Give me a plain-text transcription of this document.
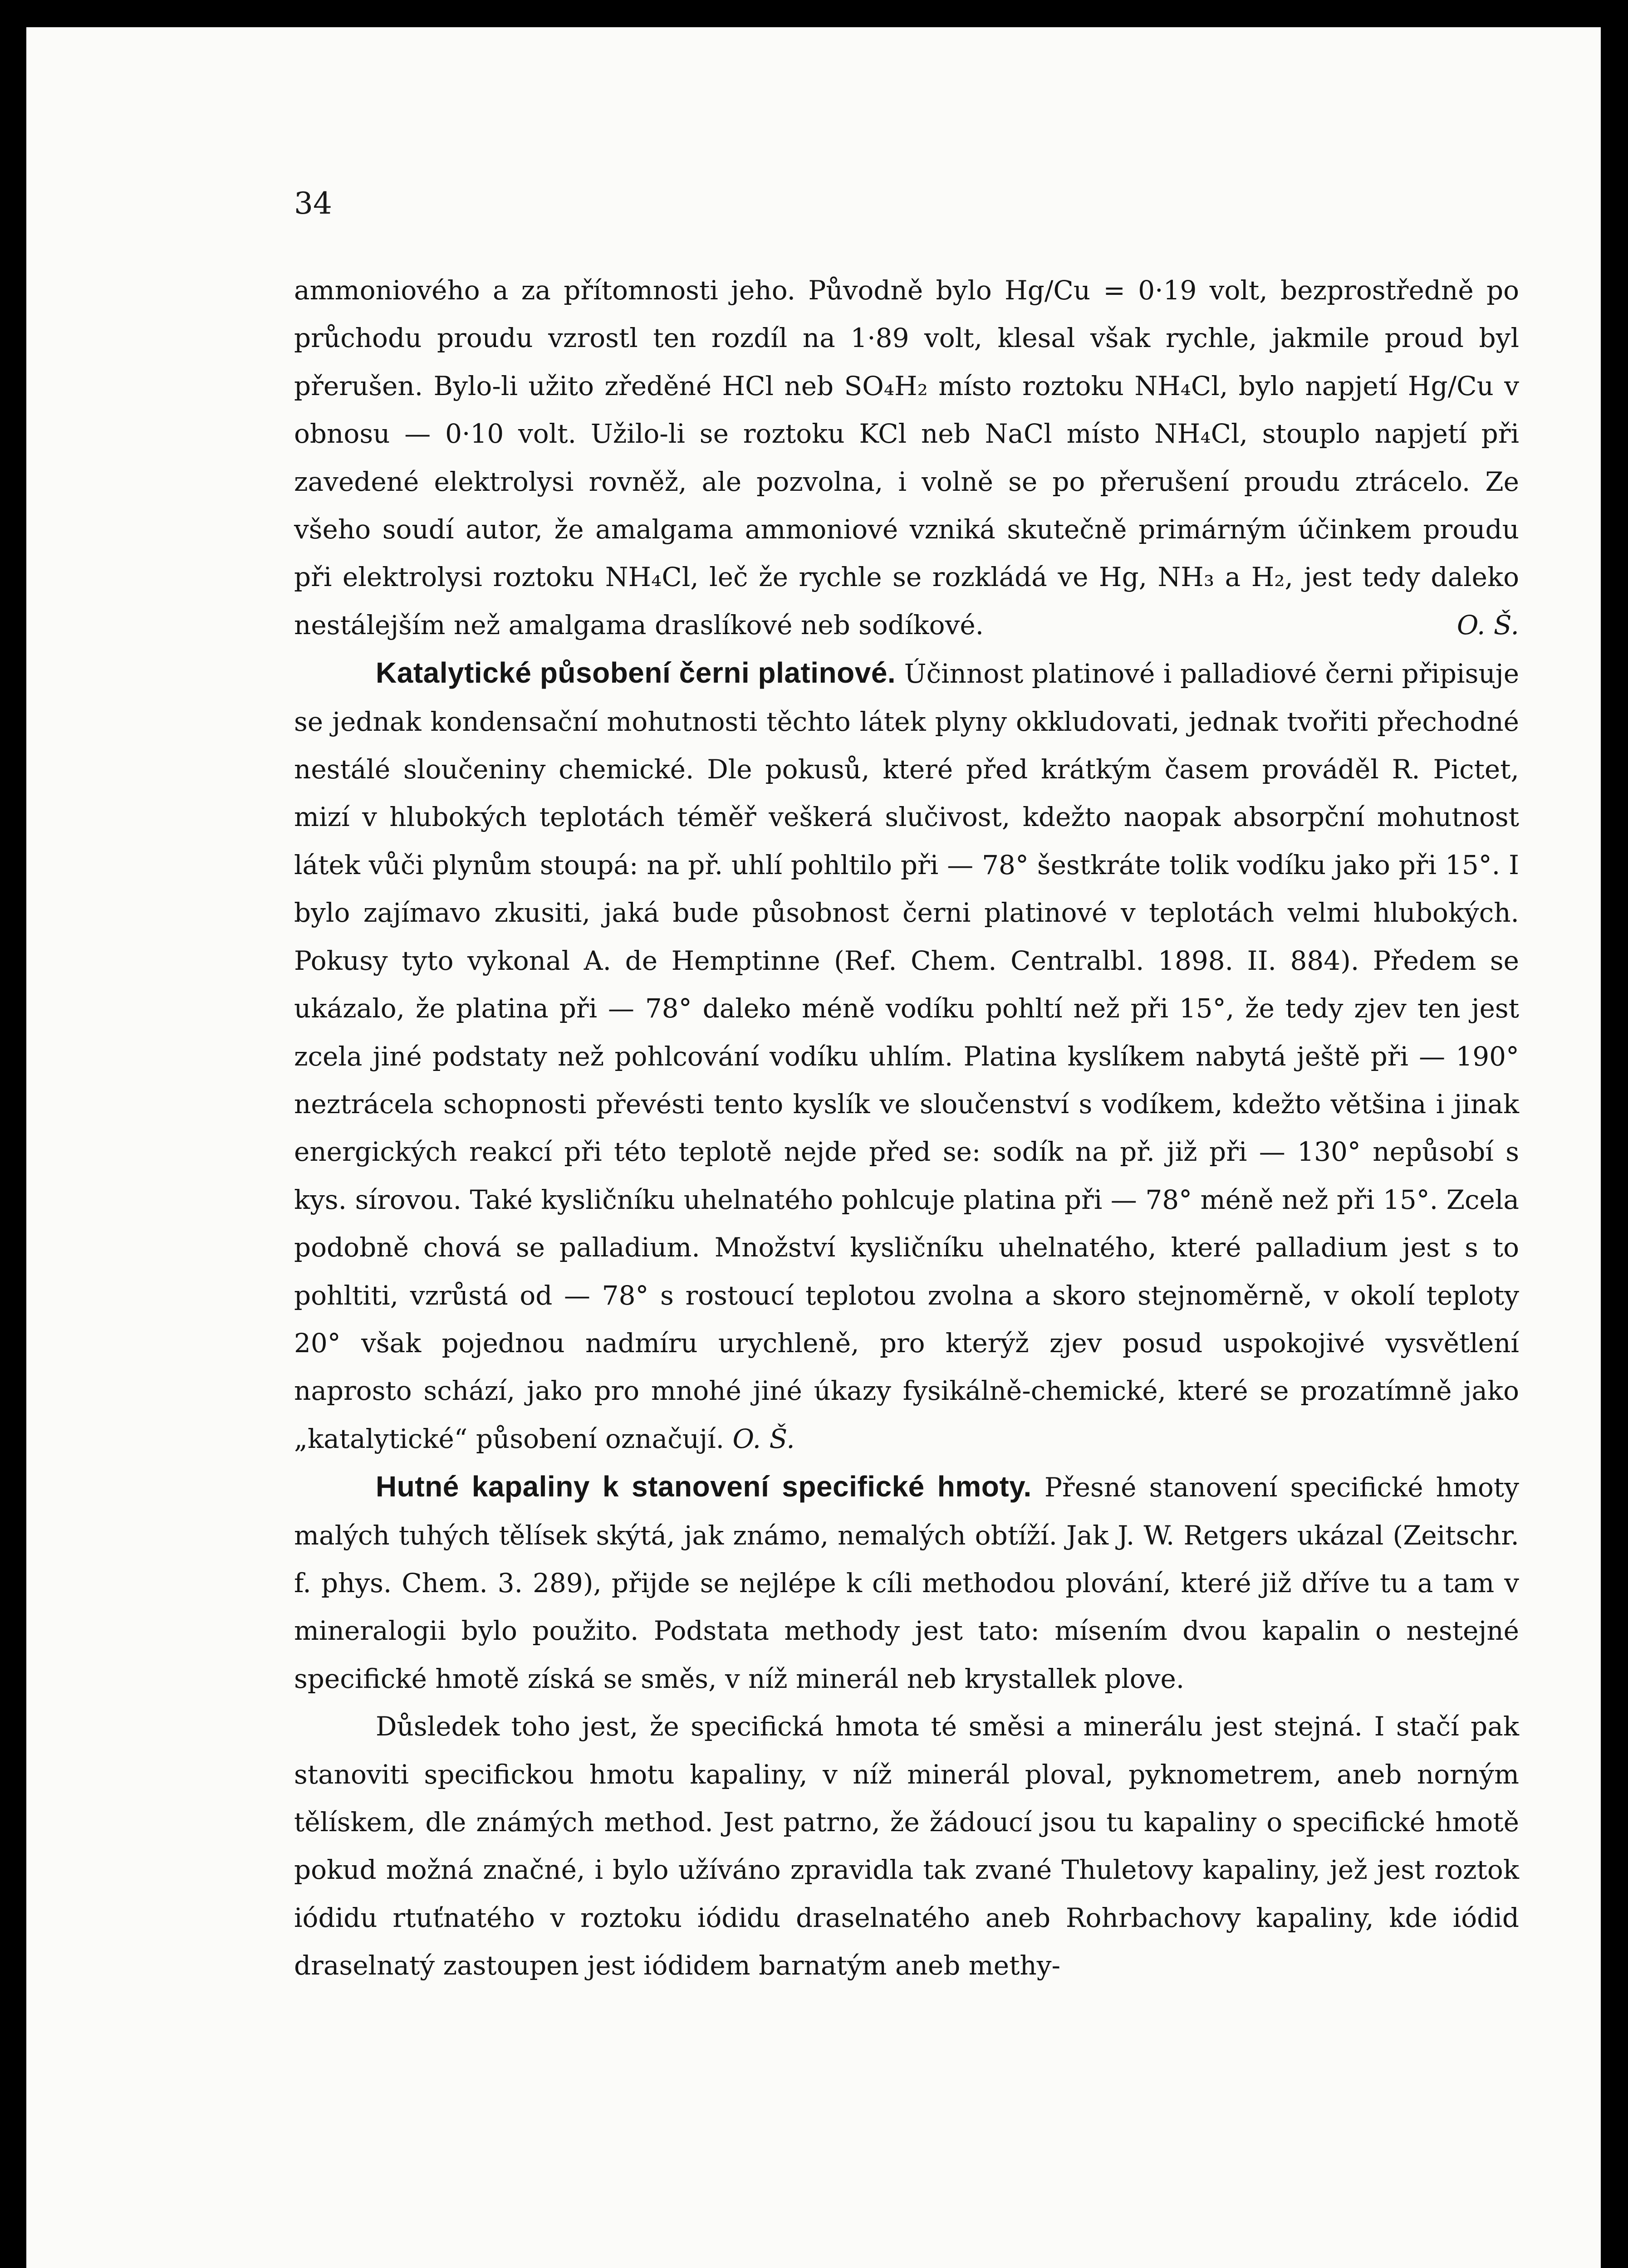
34

ammoniového a za přítomnosti jeho. Původně bylo Hg/Cu = 0·19 volt, bezprostředně po průchodu proudu vzrostl ten rozdíl na 1·89 volt, klesal však rychle, jakmile proud byl přerušen. Bylo-li užito zředěné HCl neb SO₄H₂ místo roztoku NH₄Cl, bylo napjetí Hg/Cu v obnosu — 0·10 volt. Užilo-li se roztoku KCl neb NaCl místo NH₄Cl, stouplo napjetí při zavedené elektrolysi rovněž, ale pozvolna, i volně se po přerušení proudu ztrácelo. Ze všeho soudí autor, že amalgama ammoniové vzniká skutečně primárným účinkem proudu při elektrolysi roztoku NH₄Cl, leč že rychle se rozkládá ve Hg, NH₃ a H₂, jest tedy daleko nestálejším než amalgama draslíkové neb sodíkové.	O. Š.

Katalytické působení černi platinové. Účinnost platinové i palladiové černi připisuje se jednak kondensační mohutnosti těchto látek plyny okkludovati, jednak tvořiti přechodné nestálé sloučeniny chemické. Dle pokusů, které před krátkým časem prováděl R. Pictet, mizí v hlubokých teplotách téměř veškerá slučivost, kdežto naopak absorpční mohutnost látek vůči plynům stoupá: na př. uhlí pohltilo při — 78° šestkráte tolik vodíku jako při 15°. I bylo zajímavo zkusiti, jaká bude působnost černi platinové v teplotách velmi hlubokých. Pokusy tyto vykonal A. de Hemptinne (Ref. Chem. Centralbl. 1898. II. 884). Předem se ukázalo, že platina při — 78° daleko méně vodíku pohltí než při 15°, že tedy zjev ten jest zcela jiné podstaty než pohlcování vodíku uhlím. Platina kyslíkem nabytá ještě při — 190° neztrácela schopnosti převésti tento kyslík ve sloučenství s vodíkem, kdežto většina i jinak energických reakcí při této teplotě nejde před se: sodík na př. již při — 130° nepůsobí s kys. sírovou. Také kysličníku uhelnatého pohlcuje platina při — 78° méně než při 15°. Zcela podobně chová se palladium. Množství kysličníku uhelnatého, které palladium jest s to pohltiti, vzrůstá od — 78° s rostoucí teplotou zvolna a skoro stejnoměrně, v okolí teploty 20° však pojednou nadmíru urychleně, pro kterýž zjev posud uspokojivé vysvětlení naprosto schází, jako pro mnohé jiné úkazy fysikálně-chemické, které se prozatímně jako „katalytické“ působení označují. O. Š.

Hutné kapaliny k stanovení specifické hmoty. Přesné stanovení specifické hmoty malých tuhých tělísek skýtá, jak známo, nemalých obtíží. Jak J. W. Retgers ukázal (Zeitschr. f. phys. Chem. 3. 289), přijde se nejlépe k cíli methodou plování, které již dříve tu a tam v mineralogii bylo použito. Podstata methody jest tato: mísením dvou kapalin o nestejné specifické hmotě získá se směs, v níž minerál neb krystallek plove.

Důsledek toho jest, že specifická hmota té směsi a minerálu jest stejná. I stačí pak stanoviti specifickou hmotu kapaliny, v níž minerál ploval, pyknometrem, aneb norným tělískem, dle známých method. Jest patrno, že žádoucí jsou tu kapaliny o specifické hmotě pokud možná značné, i bylo užíváno zpravidla tak zvané Thuletovy kapaliny, jež jest roztok iódidu rtuťnatého v roztoku iódidu draselnatého aneb Rohrbachovy kapaliny, kde iódid draselnatý zastoupen jest iódidem barnatým aneb methy-
